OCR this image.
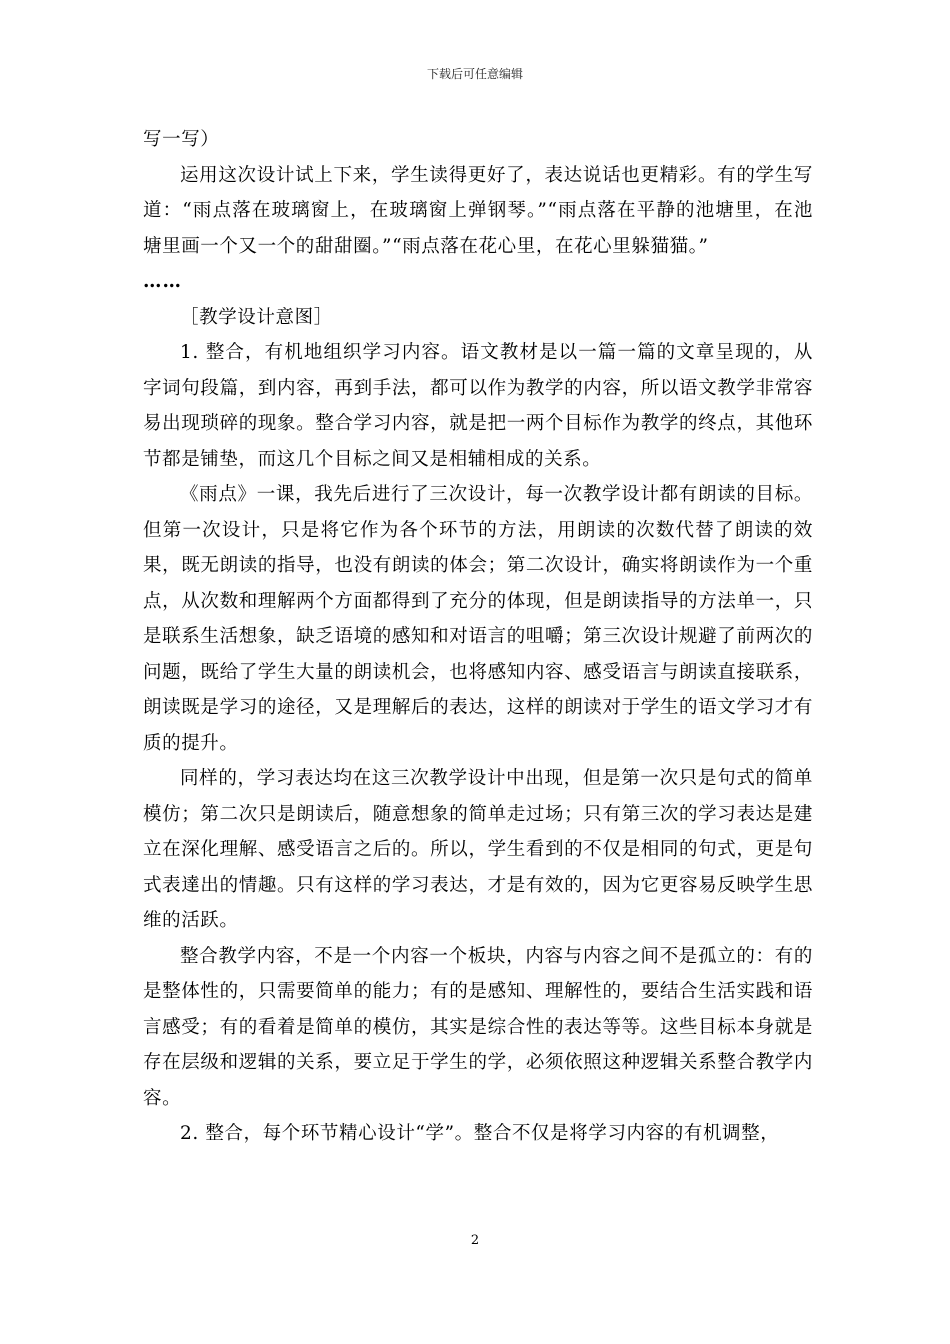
下载后可任意编辑

写一写）

运用这次设计试上下来，学生读得更好了，表达说话也更精彩。有的学生写道：“雨点落在玻璃窗上，在玻璃窗上弹钢琴。”“雨点落在平静的池塘里，在池塘里画一个又一个的甜甜圈。”“雨点落在花心里，在花心里躲猫猫。”

……

［教学设计意图］

1. 整合，有机地组织学习内容。语文教材是以一篇一篇的文章呈现的，从字词句段篇，到内容，再到手法，都可以作为教学的内容，所以语文教学非常容易出现琐碎的现象。整合学习内容，就是把一两个目标作为教学的终点，其他环节都是铺垫，而这几个目标之间又是相辅相成的关系。

《雨点》一课，我先后进行了三次设计，每一次教学设计都有朗读的目标。但第一次设计，只是将它作为各个环节的方法，用朗读的次数代替了朗读的效果，既无朗读的指导，也没有朗读的体会；第二次设计，确实将朗读作为一个重点，从次数和理解两个方面都得到了充分的体现，但是朗读指导的方法单一，只是联系生活想象，缺乏语境的感知和对语言的咀嚼；第三次设计规避了前两次的问题，既给了学生大量的朗读机会，也将感知内容、感受语言与朗读直接联系，朗读既是学习的途径，又是理解后的表达，这样的朗读对于学生的语文学习才有质的提升。

同样的，学习表达均在这三次教学设计中出现，但是第一次只是句式的简单模仿；第二次只是朗读后，随意想象的简单走过场；只有第三次的学习表达是建立在深化理解、感受语言之后的。所以，学生看到的不仅是相同的句式，更是句式表達出的情趣。只有这样的学习表达，才是有效的，因为它更容易反映学生思维的活跃。

整合教学内容，不是一个内容一个板块，内容与内容之间不是孤立的：有的是整体性的，只需要简单的能力；有的是感知、理解性的，要结合生活实践和语言感受；有的看着是简单的模仿，其实是综合性的表达等等。这些目标本身就是存在层级和逻辑的关系，要立足于学生的学，必须依照这种逻辑关系整合教学内容。

2. 整合，每个环节精心设计“学”。整合不仅是将学习内容的有机调整，

2
